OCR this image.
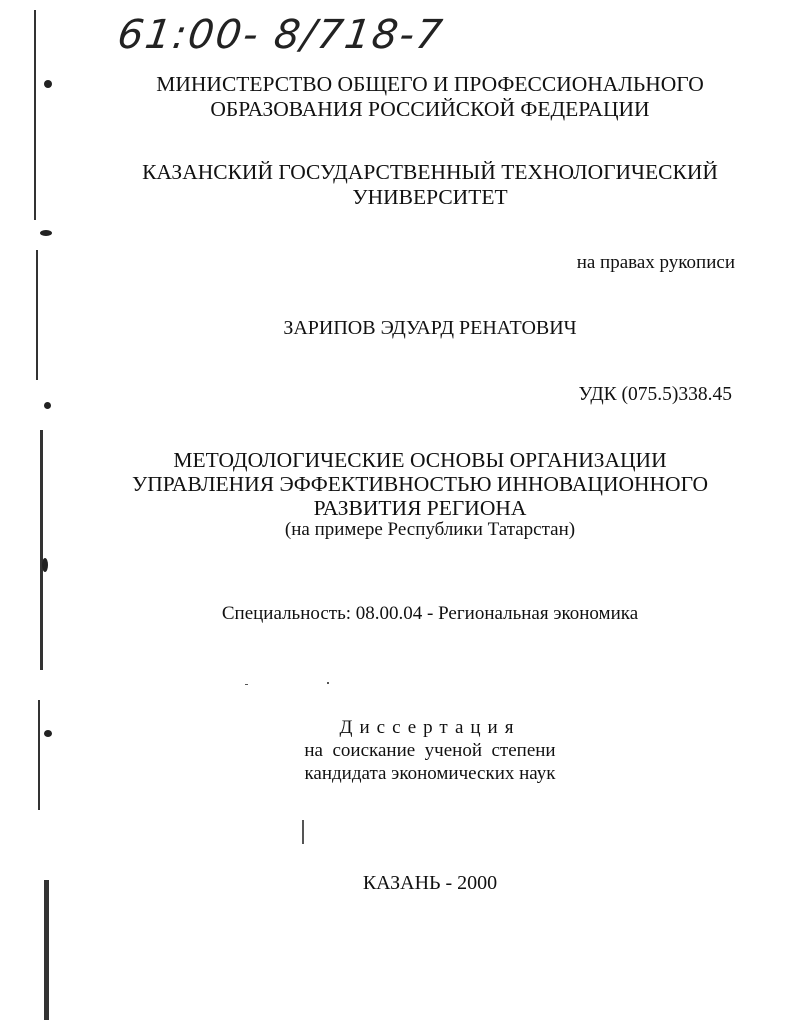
61:00- 8/718-7
МИНИСТЕРСТВО ОБЩЕГО И ПРОФЕССИОНАЛЬНОГО
ОБРАЗОВАНИЯ РОССИЙСКОЙ ФЕДЕРАЦИИ
КАЗАНСКИЙ ГОСУДАРСТВЕННЫЙ ТЕХНОЛОГИЧЕСКИЙ
УНИВЕРСИТЕТ
на правах рукописи
ЗАРИПОВ ЭДУАРД РЕНАТОВИЧ
УДК (075.5)338.45
МЕТОДОЛОГИЧЕСКИЕ ОСНОВЫ ОРГАНИЗАЦИИ
УПРАВЛЕНИЯ ЭФФЕКТИВНОСТЬЮ ИННОВАЦИОННОГО
РАЗВИТИЯ РЕГИОНА
(на примере Республики Татарстан)
Специальность: 08.00.04 - Региональная экономика
Диссертация
на  соискание  ученой  степени
кандидата экономических наук
КАЗАНЬ - 2000
